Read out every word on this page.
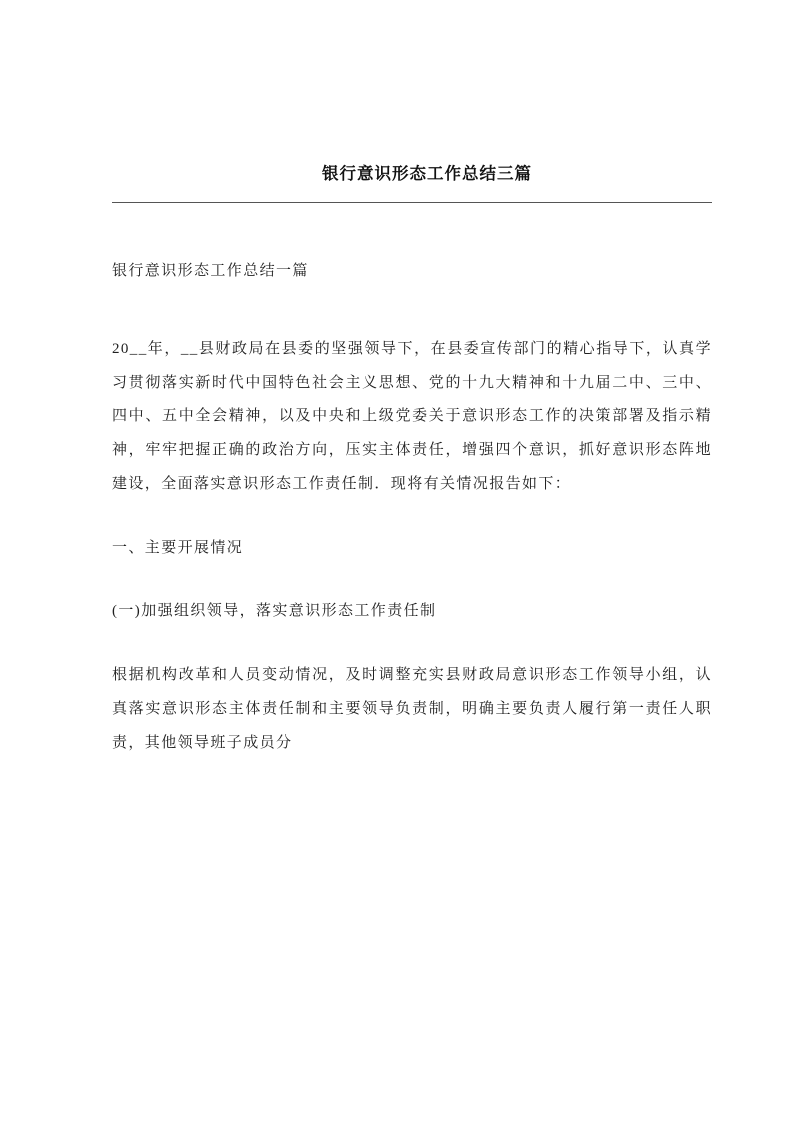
银行意识形态工作总结三篇

银行意识形态工作总结一篇

20__年，__县财政局在县委的坚强领导下，在县委宣传部门的精心指导下，认真学习贯彻落实新时代中国特色社会主义思想、党的十九大精神和十九届二中、三中、四中、五中全会精神，以及中央和上级党委关于意识形态工作的决策部署及指示精神，牢牢把握正确的政治方向，压实主体责任，增强四个意识，抓好意识形态阵地建设，全面落实意识形态工作责任制．现将有关情况报告如下：

一、主要开展情况

(一)加强组织领导，落实意识形态工作责任制

根据机构改革和人员变动情况，及时调整充实县财政局意识形态工作领导小组，认真落实意识形态主体责任制和主要领导负责制，明确主要负责人履行第一责任人职责，其他领导班子成员分
